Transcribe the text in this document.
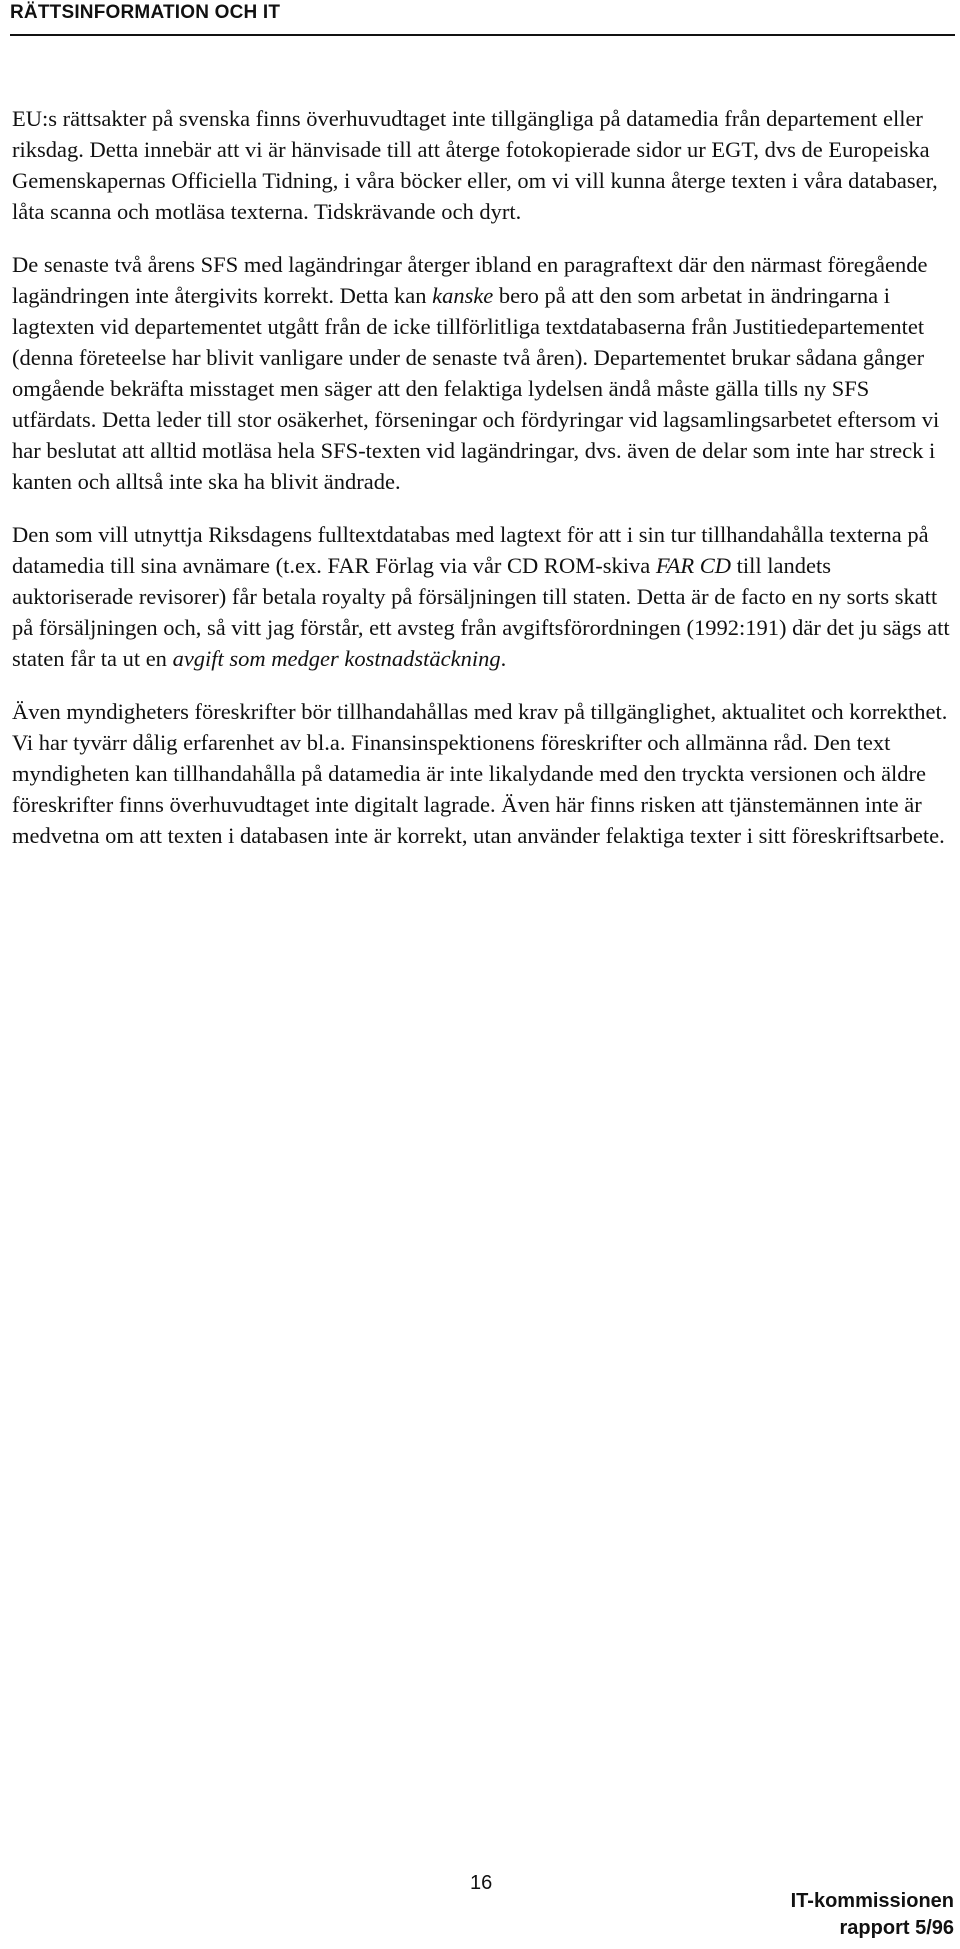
RÄTTSINFORMATION OCH IT

EU:s rättsakter på svenska finns överhuvudtaget inte tillgängliga på datamedia från departement eller riksdag. Detta innebär att vi är hänvisade till att återge fotokopierade sidor ur EGT, dvs de Europeiska Gemenskapernas Officiella Tidning, i våra böcker eller, om vi vill kunna återge texten i våra databaser, låta scanna och motläsa texterna. Tidskrävande och dyrt.

De senaste två årens SFS med lagändringar återger ibland en paragraftext där den närmast föregående lagändringen inte återgivits korrekt. Detta kan kanske bero på att den som arbetat in ändringarna i lagtexten vid departementet utgått från de icke tillförlitliga textdatabaserna från Justitiedepartementet (denna företeelse har blivit vanligare under de senaste två åren). Departementet brukar sådana gånger omgående bekräfta misstaget men säger att den felaktiga lydelsen ändå måste gälla tills ny SFS utfärdats. Detta leder till stor osäkerhet, förseningar och fördyringar vid lagsamlingsarbetet eftersom vi har beslutat att alltid motläsa hela SFS-texten vid lagändringar, dvs. även de delar som inte har streck i kanten och alltså inte ska ha blivit ändrade.

Den som vill utnyttja Riksdagens fulltextdatabas med lagtext för att i sin tur tillhandahålla texterna på datamedia till sina avnämare (t.ex. FAR Förlag via vår CD ROM-skiva FAR CD till landets auktoriserade revisorer) får betala royalty på försäljningen till staten. Detta är de facto en ny sorts skatt på försäljningen och, så vitt jag förstår, ett avsteg från avgiftsförordningen (1992:191) där det ju sägs att staten får ta ut en avgift som medger kostnadstäckning.

Även myndigheters föreskrifter bör tillhandahållas med krav på tillgänglighet, aktualitet och korrekthet. Vi har tyvärr dålig erfarenhet av bl.a. Finansinspektionens föreskrifter och allmänna råd. Den text myndigheten kan tillhandahålla på datamedia är inte likalydande med den tryckta versionen och äldre föreskrifter finns överhuvudtaget inte digitalt lagrade. Även här finns risken att tjänstemännen inte är medvetna om att texten i databasen inte är korrekt, utan använder felaktiga texter i sitt föreskriftsarbete.

16
IT-kommissionen
rapport 5/96
